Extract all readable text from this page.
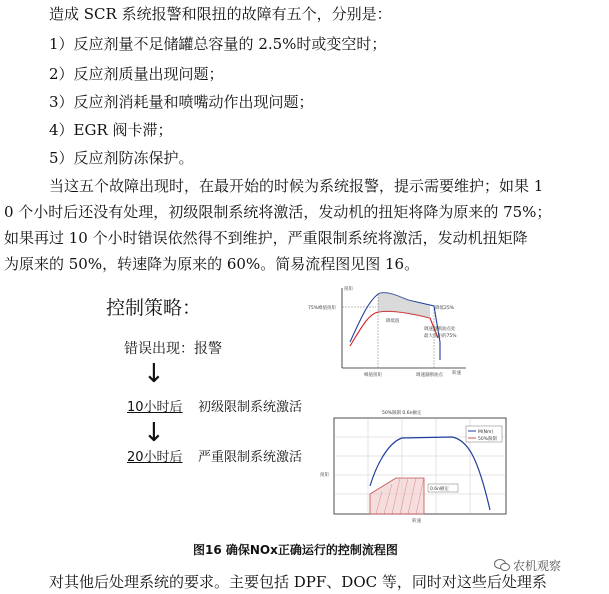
造成 SCR 系统报警和限扭的故障有五个，分别是：
1）反应剂量不足储罐总容量的 2.5%时或变空时；
2）反应剂质量出现问题；
3）反应剂消耗量和喷嘴动作出现问题；
4）EGR 阀卡滞；
5）反应剂防冻保护。
当这五个故障出现时，在最开始的时候为系统报警，提示需要维护；如果 1
0 个小时后还没有处理，初级限制系统将激活，发动机的扭矩将降为原来的 75%；
如果再过 10 个小时错误依然得不到维护，严重限制系统将激活，发动机扭矩降
为原来的 50%，转速降为原来的 60%。简易流程图见图 16。
控制策略：
错误出现：报警
↓
10小时后 初级限制系统激活
↓
20小时后 严重限制系统激活
扭矩
75%峰值扭矩	降低25%
降低值
调速器断油点处
最大扭矩的75%
峰值扭矩	调速器断油点 转速
50%限制 0.6n额定
0.6n额定
M(Nm)
50%限制
扭矩
转速
图16 确保NOx正确运行的控制流程图
农机观察
对其他后处理系统的要求。主要包括 DPF、DOC 等，同时对这些后处理系
